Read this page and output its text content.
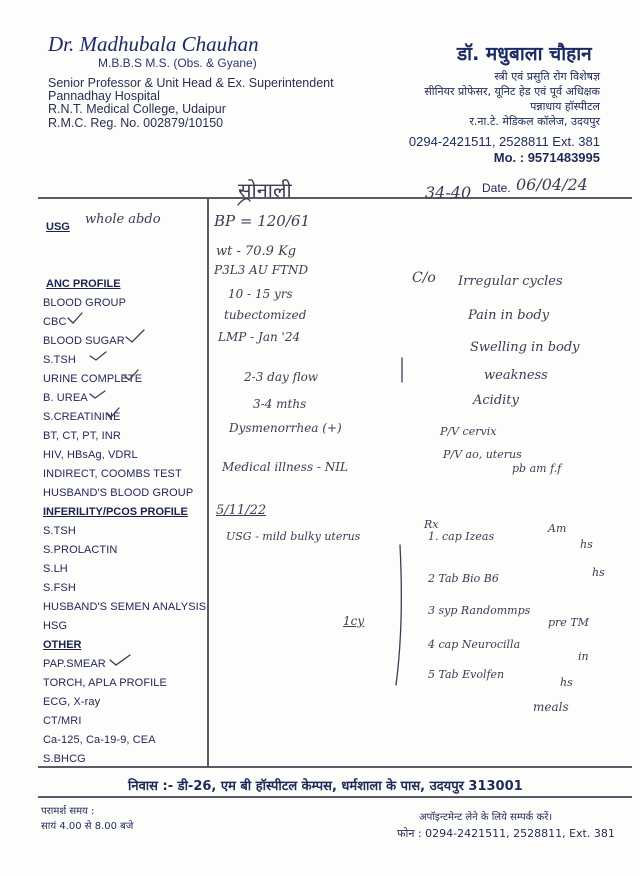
Dr. Madhubala Chauhan
M.B.B.S M.S. (Obs. & Gyane)
Senior Professor & Unit Head & Ex. Superintendent
Pannadhay Hospital
R.N.T. Medical College, Udaipur
R.M.C. Reg. No. 002879/10150
डॉ. मधुबाला चौहान
स्त्री एवं प्रसुति रोग विशेषज्ञ
सीनियर प्रोफेसर, यूनिट हेड एवं पूर्व अधिक्षक
पन्नाधाय हॉस्पीटल
र.ना.टे. मेडिकल कॉलेज, उदयपुर
0294-2421511, 2528811 Ext. 381
Mo. : 9571483995
सोनाली	34-40 Date. 06/04/24
USG whole abdo
ANC PROFILE
BLOOD GROUP
CBC
BLOOD SUGAR
S.TSH
URINE COMPLETE
B. UREA
S.CREATININE
BT, CT, PT, INR
HIV, HBsAg, VDRL
INDIRECT, COOMBS TEST
HUSBAND'S BLOOD GROUP
INFERILITY/PCOS PROFILE
S.TSH
S.PROLACTIN
S.LH
S.FSH
HUSBAND'S SEMEN ANALYSIS
HSG
OTHER
PAP.SMEAR
TORCH, APLA PROFILE
ECG, X-ray
CT/MRI
Ca-125, Ca-19-9, CEA
S.BHCG
BP = 120/61
wt - 70.9 Kg
P3L3 AU FTND
10 - 15 yrs
tubectomized
LMP - Jan '24
2-3 day flow
3-4 mths
Dysmenorrhea (+)
Medical illness - NIL
5/11/22
USG - mild bulky uterus
1cy
C/o Irregular cycles
Pain in body
Swelling in body
weakness
Acidity
P/V cervix
P/V ao, uterus
pb am f.f
Rx
1. cap Izeas
Am
hs
2 Tab Bio B6	hs
3 syp Randommps
pre TM
4 cap Neurocilla
in
5 Tab Evolfen
hs
meals
निवास :- डी-26, एम बी हॉस्पीटल केम्पस, धर्मशाला के पास, उदयपुर 313001
परामर्श समय :
सायं 4.00 से 8.00 बजे
अपॉइन्टमेन्ट लेने के लिये सम्पर्क करें।
फोन : 0294-2421511, 2528811, Ext. 381
